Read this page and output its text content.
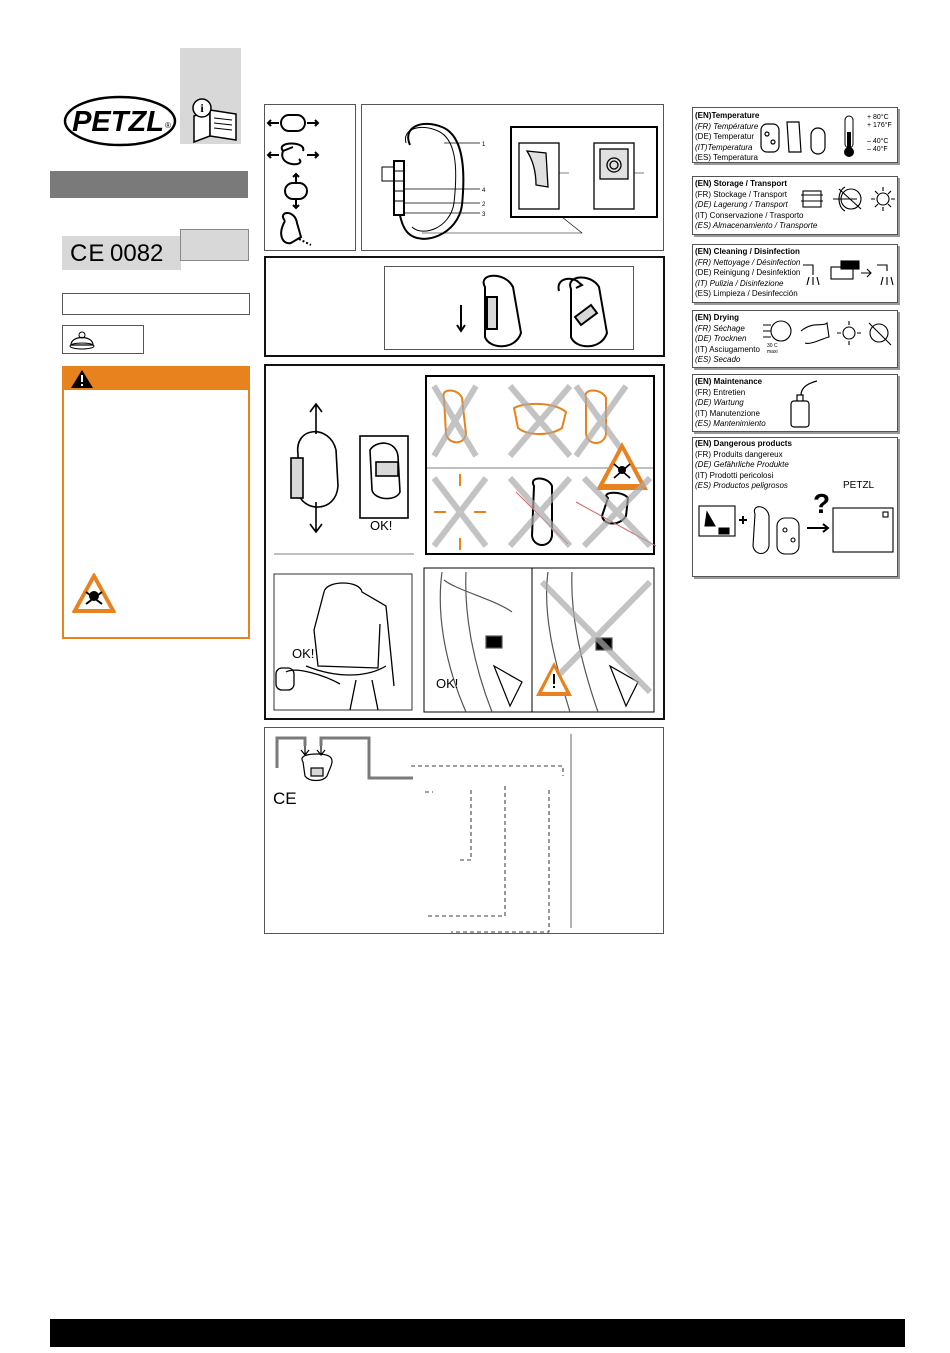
PETZL ®
i
CE 0082
1
4
2
3
OK!
OK!
OK!
CE
(EN)Temperature
(FR) Température
(DE) Temperatur
(IT)Temperatura
(ES) Temperatura
+ 80°C
+ 176°F
– 40°C
– 40°F
(EN) Storage / Transport
(FR) Stockage / Transport
(DE) Lagerung / Transport
(IT) Conservazione / Trasporto
(ES) Almacenamiento / Transporte
(EN) Cleaning / Disinfection
(FR) Nettoyage / Désinfection
(DE) Reinigung / Desinfektion
(IT) Pulizia / Disinfezione
(ES) Limpieza / Desinfección
(EN) Drying
(FR) Séchage
(DE) Trocknen
(IT) Asciugamento
(ES) Secado
30 C maxi
(EN) Maintenance
(FR) Entretien
(DE) Wartung
(IT) Manutenzione
(ES) Mantenimiento
(EN) Dangerous products
(FR) Produits dangereux
(DE) Gefährliche Produkte
(IT) Prodotti pericolosi
(ES) Productos peligrosos	PETZL
?
